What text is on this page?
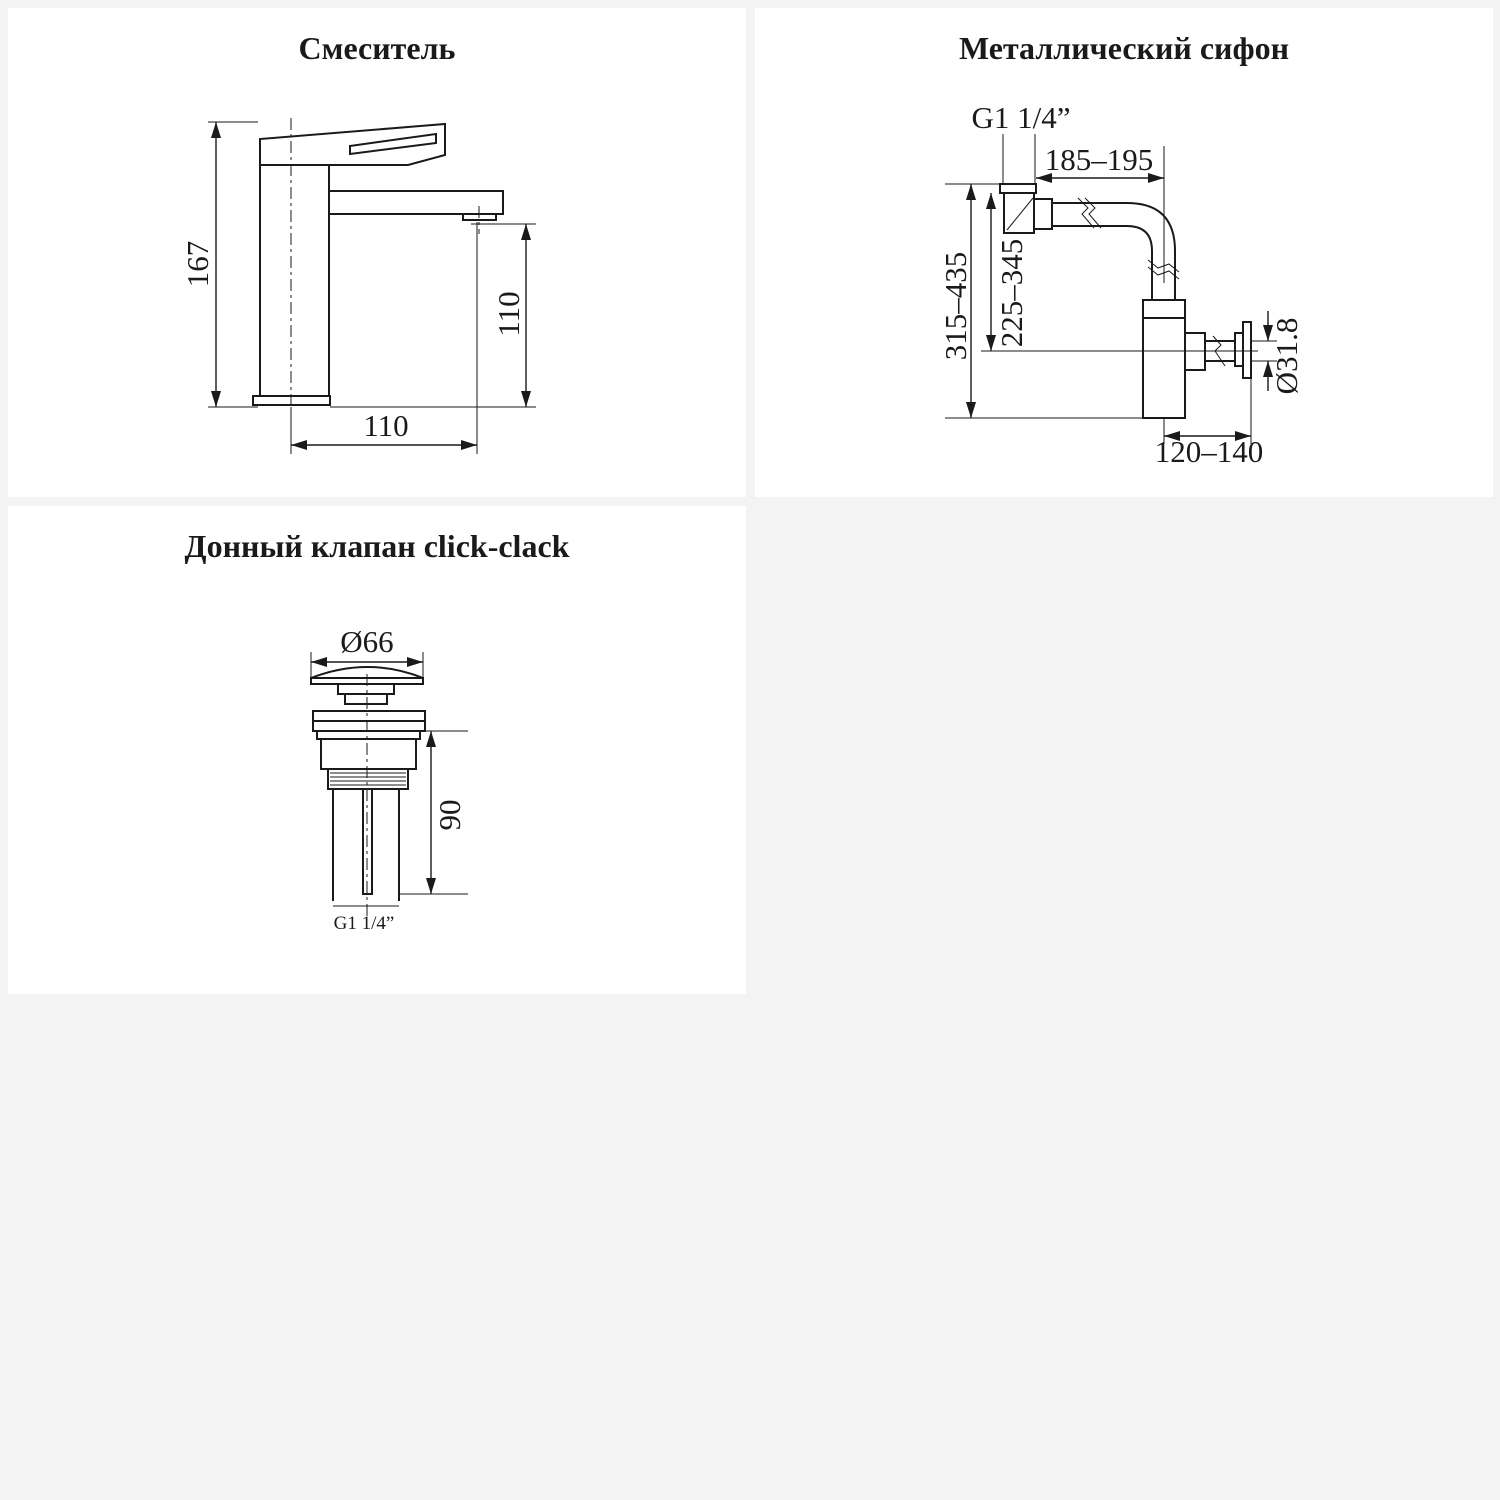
Смеситель
167
110
110
Металлический сифон
G1 1/4”
185–195
315–435 225–345
Ø31.8
120–140
Донный клапан click-clack
Ø66
90
G1 1/4”
